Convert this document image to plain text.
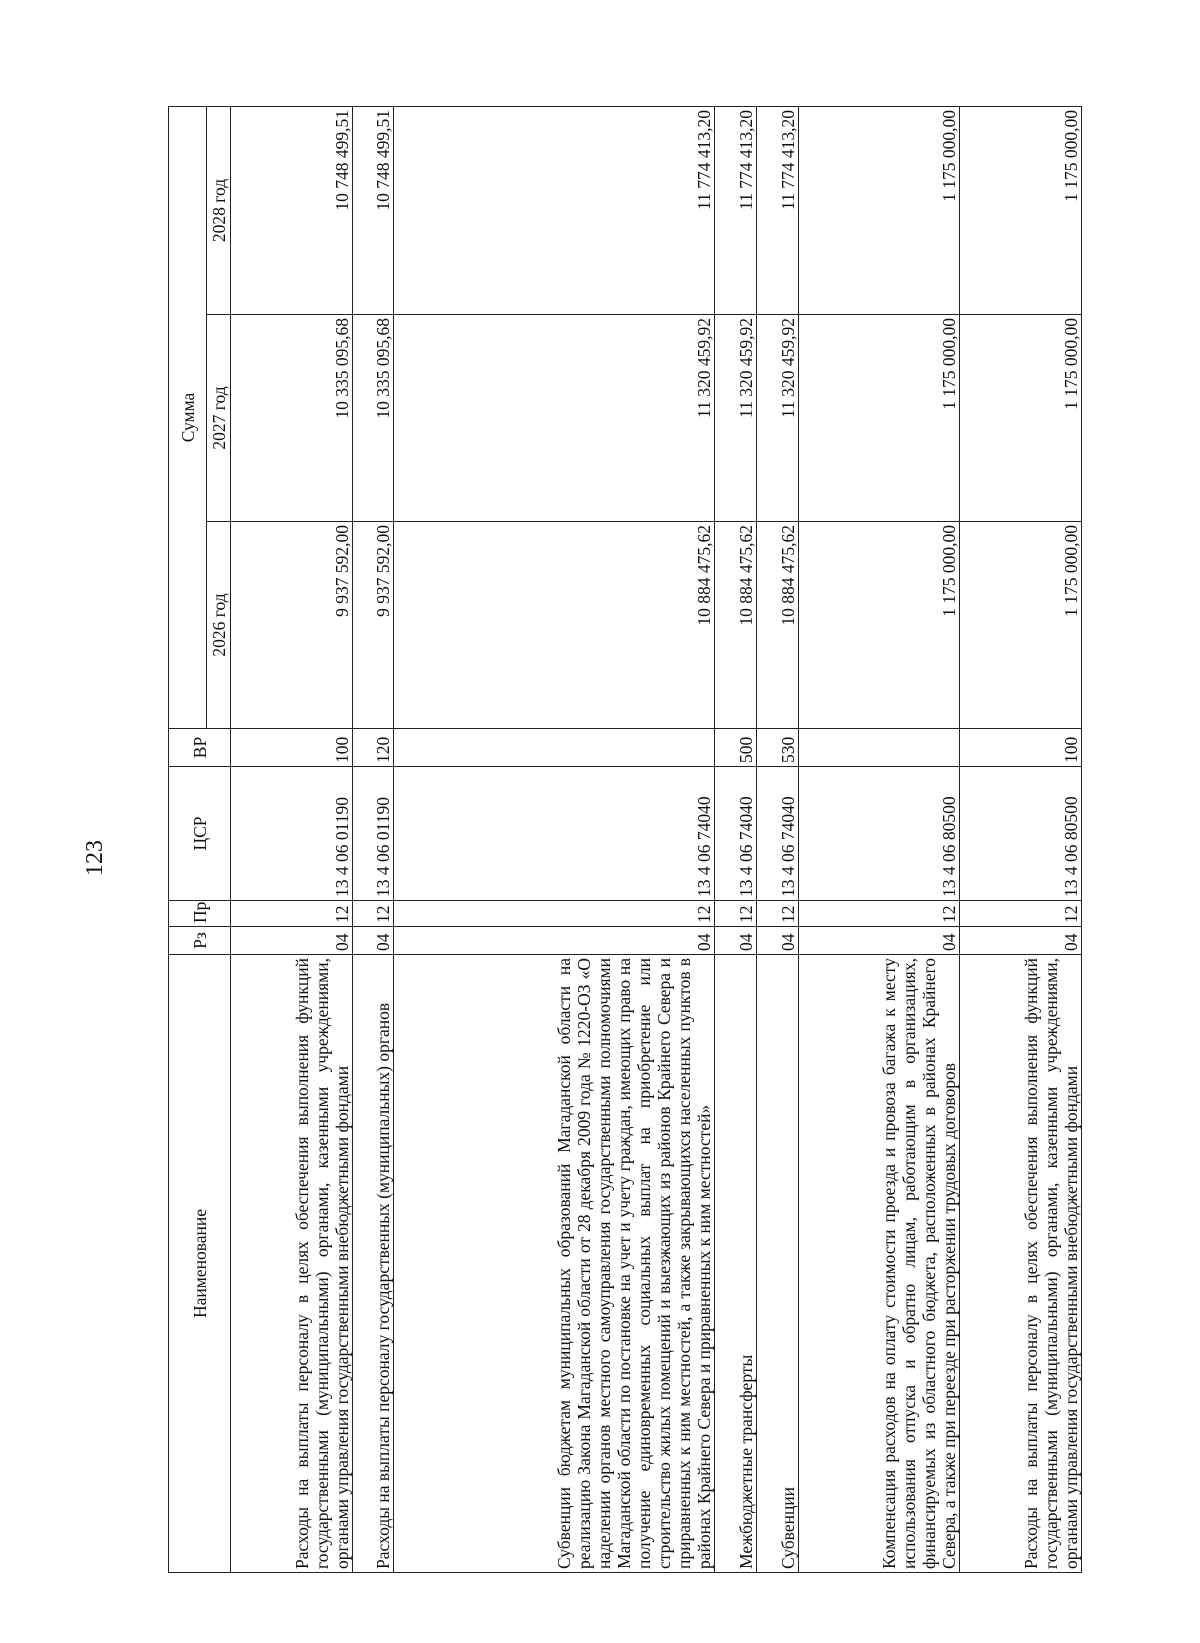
123
Наименование	Рз	Пр	ЦСР	ВР	Сумма		
					2026 год	2027 год	2028 год
Расходы на выплаты персоналу в целях обеспечения выполнения функций государственными (муниципальными) органами, казенными учреждениями, органами управления государственными внебюджетными фондами	04	12	13 4 06 01190	100	9 937 592,00	10 335 095,68	10 748 499,51
Расходы на выплаты персоналу государственных (муниципальных) органов	04	12	13 4 06 01190	120	9 937 592,00	10 335 095,68	10 748 499,51
Субвенции бюджетам муниципальных образований Магаданской области на реализацию Закона Магаданской области от 28 декабря 2009 года № 1220-ОЗ «О наделении органов местного самоуправления государственными полномочиями Магаданской области по постановке на учет и учету граждан, имеющих право на получение единовременных социальных выплат на приобретение или строительство жилых помещений и выезжающих из районов Крайнего Севера и приравненных к ним местностей, а также закрывающихся населенных пунктов в районах Крайнего Севера и приравненных к ним местностей»	04	12	13 4 06 74040		10 884 475,62	11 320 459,92	11 774 413,20
Межбюджетные трансферты	04	12	13 4 06 74040	500	10 884 475,62	11 320 459,92	11 774 413,20
Субвенции	04	12	13 4 06 74040	530	10 884 475,62	11 320 459,92	11 774 413,20
Компенсация расходов на оплату стоимости проезда и провоза багажа к месту использования отпуска и обратно лицам, работающим в организациях, финансируемых из областного бюджета, расположенных в районах Крайнего Севера, а также при переезде при расторжении трудовых договоров	04	12	13 4 06 80500		1 175 000,00	1 175 000,00	1 175 000,00
Расходы на выплаты персоналу в целях обеспечения выполнения функций государственными (муниципальными) органами, казенными учреждениями, органами управления государственными внебюджетными фондами	04	12	13 4 06 80500	100	1 175 000,00	1 175 000,00	1 175 000,00
